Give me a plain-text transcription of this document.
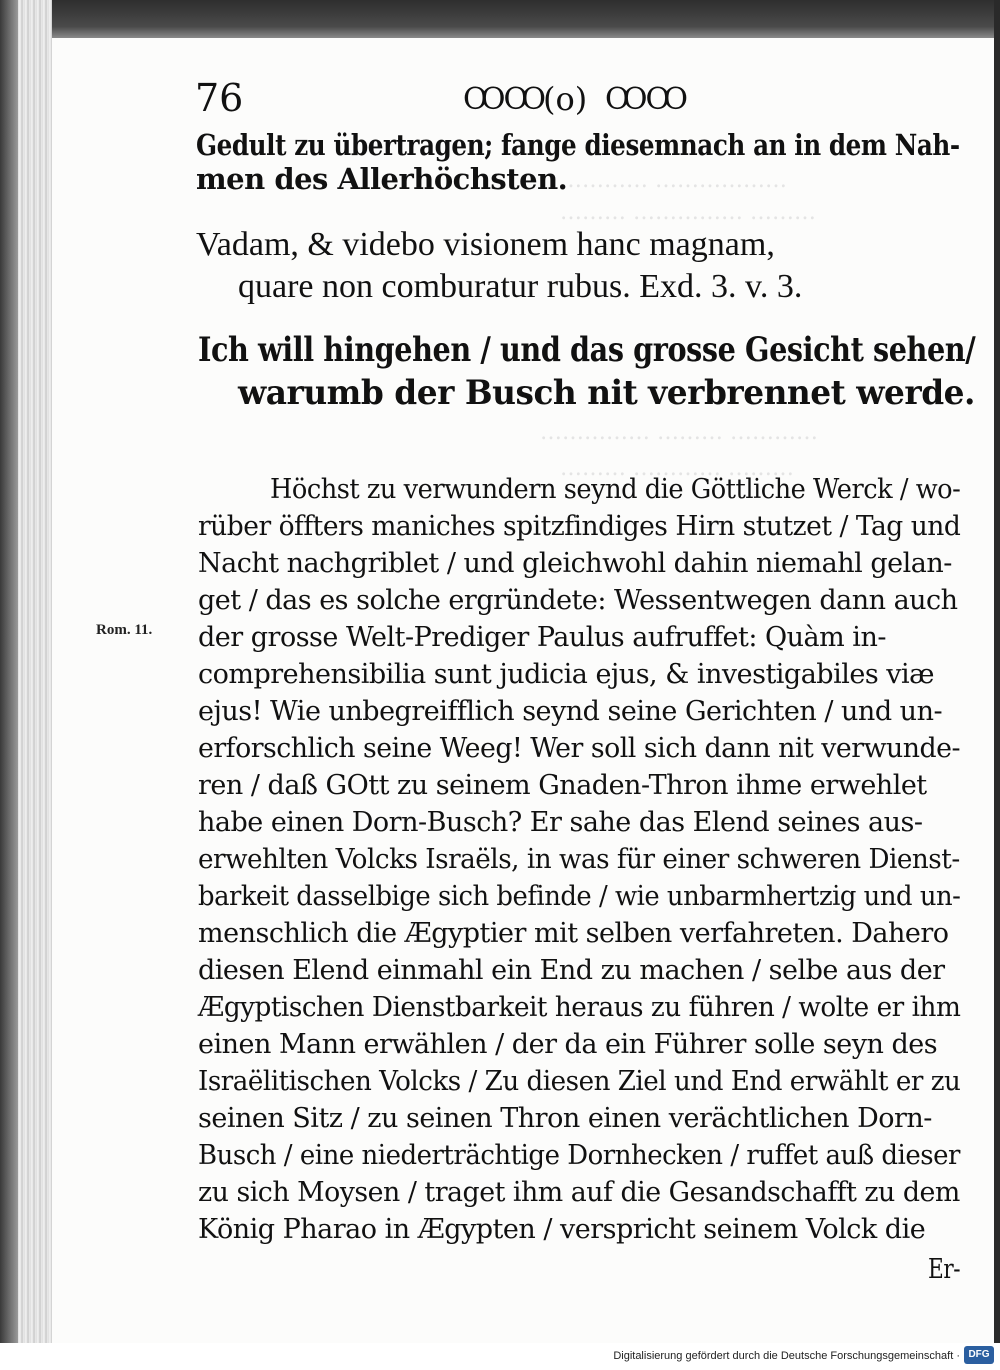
………… ………………
……… …………… ………
…………… ……… …………
……… ………… ………
76	ꝎꝎ (o) ꝎꝎ
Gedult zu übertragen; fange diesemnach an in dem Nah-
men des Allerhöchsten.
Vadam, & videbo visionem hanc magnam,
quare non comburatur rubus. Exd. 3. v. 3.
Ich will hingehen / und das grosse Gesicht sehen/
warumb der Busch nit verbrennet werde.
Rom. 11.
Höchst zu verwundern seynd die Göttliche Werck / wo-
rüber öffters maniches spitzfindiges Hirn stutzet / Tag und
Nacht nachgriblet / und gleichwohl dahin niemahl gelan-
get / das es solche ergründete: Wessentwegen dann auch
der grosse Welt-Prediger Paulus aufruffet: Quàm in-
comprehensibilia sunt judicia ejus, & investigabiles viæ
ejus! Wie unbegreifflich seynd seine Gerichten / und un-
erforschlich seine Weeg! Wer soll sich dann nit verwunde-
ren / daß GOtt zu seinem Gnaden-Thron ihme erwehlet
habe einen Dorn-Busch? Er sahe das Elend seines aus-
erwehlten Volcks Israëls, in was für einer schweren Dienst-
barkeit dasselbige sich befinde / wie unbarmhertzig und un-
menschlich die Ægyptier mit selben verfahreten. Dahero
diesen Elend einmahl ein End zu machen / selbe aus der
Ægyptischen Dienstbarkeit heraus zu führen / wolte er ihm
einen Mann erwählen / der da ein Führer solle seyn des
Israëlitischen Volcks / Zu diesen Ziel und End erwählt er zu
seinen Sitz / zu seinen Thron einen verächtlichen Dorn-
Busch / eine niederträchtige Dornhecken / ruffet auß dieser
zu sich Moysen / traget ihm auf die Gesandschafft zu dem
König Pharao in Ægypten / verspricht seinem Volck die
Er-
Digitalisierung gefördert durch die Deutsche Forschungsgemeinschaft · DFG
